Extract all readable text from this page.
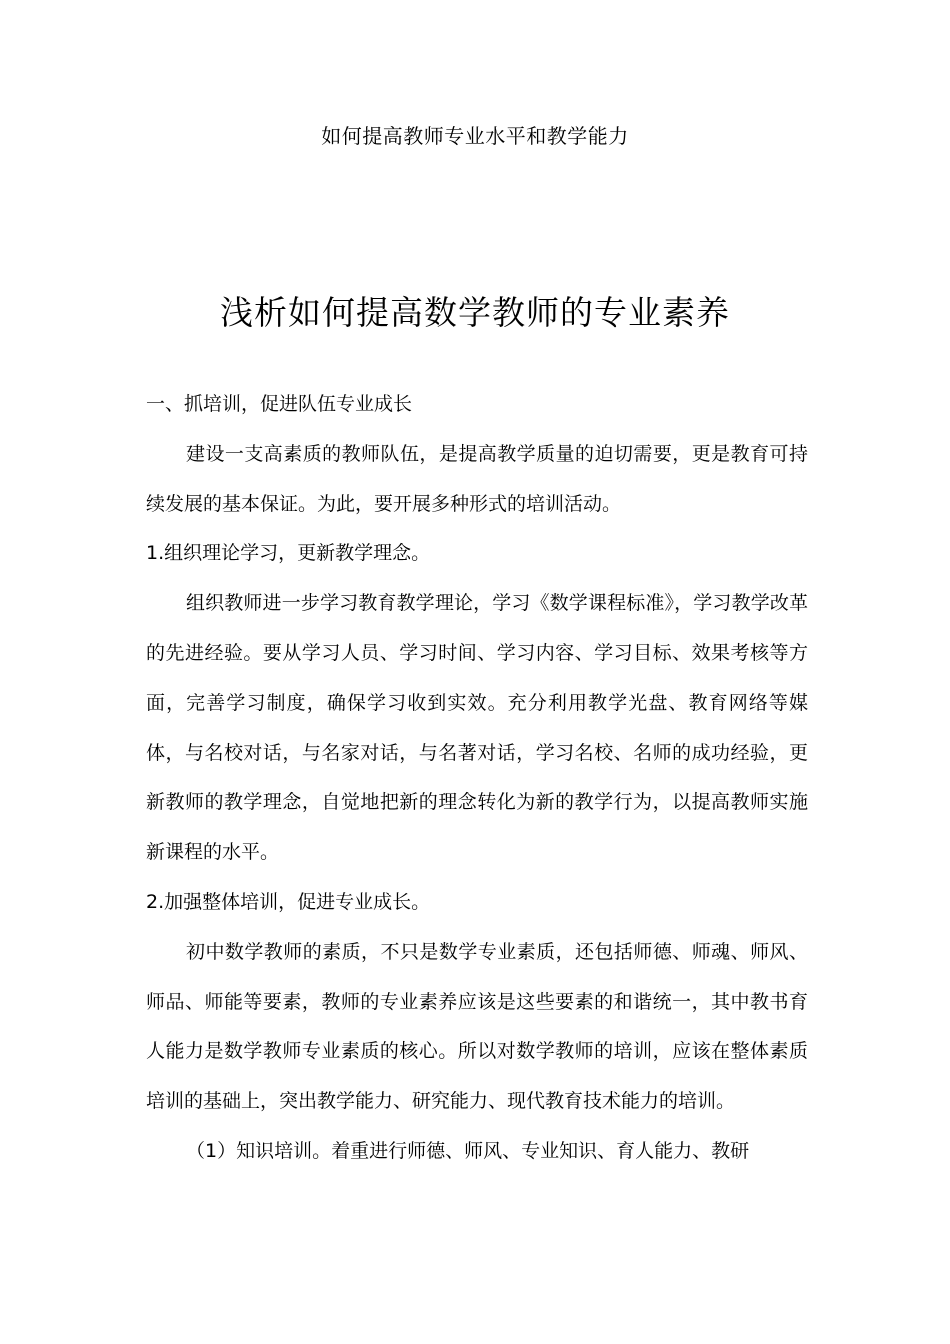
如何提高教师专业水平和教学能力
浅析如何提高数学教师的专业素养

一、抓培训，促进队伍专业成长

建设一支高素质的教师队伍，是提高教学质量的迫切需要，更是教育可持续发展的基本保证。为此，要开展多种形式的培训活动。

1.组织理论学习，更新教学理念。

组织教师进一步学习教育教学理论，学习《数学课程标准》，学习教学改革的先进经验。要从学习人员、学习时间、学习内容、学习目标、效果考核等方面，完善学习制度，确保学习收到实效。充分利用教学光盘、教育网络等媒体，与名校对话，与名家对话，与名著对话，学习名校、名师的成功经验，更新教师的教学理念，自觉地把新的理念转化为新的教学行为，以提高教师实施新课程的水平。

2.加强整体培训，促进专业成长。

初中数学教师的素质，不只是数学专业素质，还包括师德、师魂、师风、师品、师能等要素，教师的专业素养应该是这些要素的和谐统一，其中教书育人能力是数学教师专业素质的核心。所以对数学教师的培训，应该在整体素质培训的基础上，突出教学能力、研究能力、现代教育技术能力的培训。

（1）知识培训。着重进行师德、师风、专业知识、育人能力、教研
